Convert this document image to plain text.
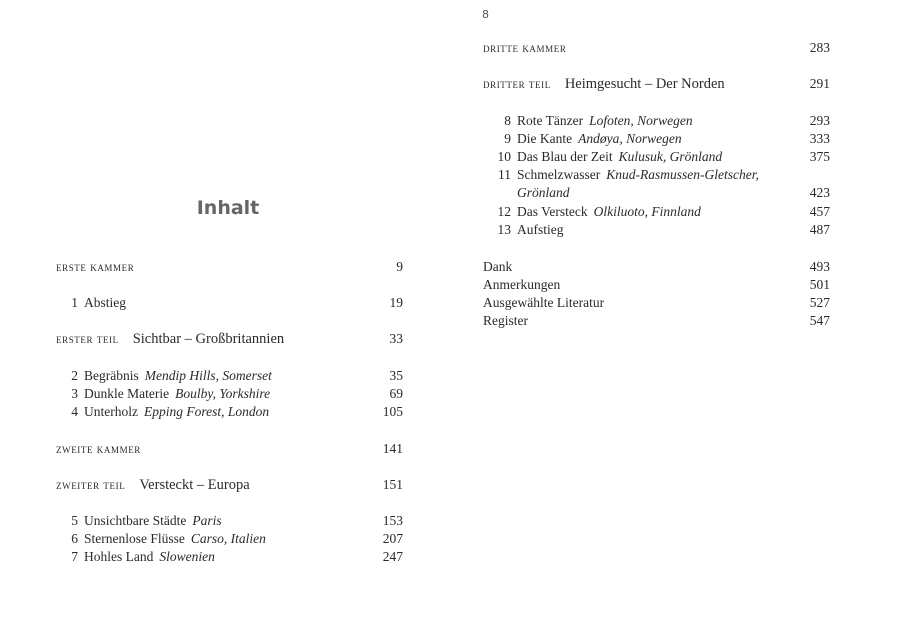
Inhalt
erste kammer	9
1 Abstieg	19
erster teil Sichtbar – Großbritannien	33
2 Begräbnis Mendip Hills, Somerset	35
3 Dunkle Materie Boulby, Yorkshire	69
4 Unterholz Epping Forest, London	105
zweite kammer	141
zweiter teil Versteckt – Europa	151
5 Unsichtbare Städte Paris	153
6 Sternenlose Flüsse Carso, Italien	207
7 Hohles Land Slowenien	247
8
dritte kammer	283
dritter teil Heimgesucht – Der Norden	291
8 Rote Tänzer Lofoten, Norwegen	293
9 Die Kante Andøya, Norwegen	333
10 Das Blau der Zeit Kulusuk, Grönland	375
11 Schmelzwasser Knud-Rasmussen-Gletscher,
Grönland	423
12 Das Versteck Olkiluoto, Finnland	457
13 Aufstieg	487
Dank	493
Anmerkungen	501
Ausgewählte Literatur	527
Register	547
